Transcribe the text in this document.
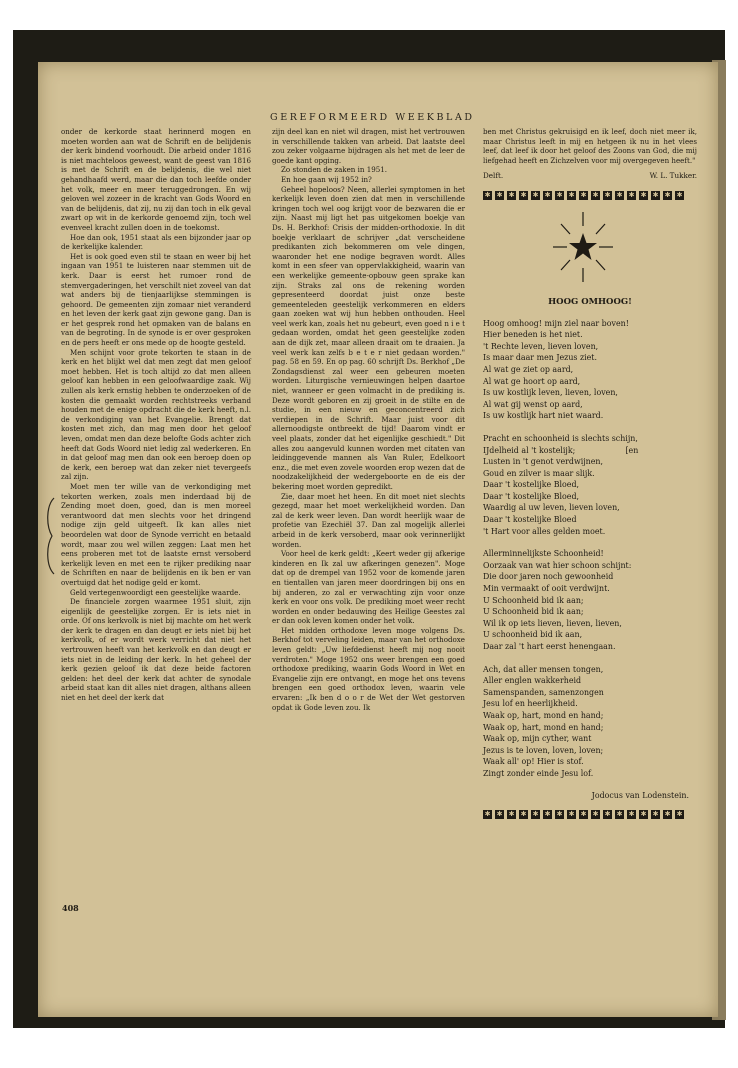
GEREFORMEERD WEEKBLAD

onder de kerkorde staat herinnerd mogen en moeten worden aan wat de Schrift en de belijdenis der kerk bindend voorhoudt. Die arbeid onder 1816 is niet machteloos geweest, want de geest van 1816 is met de Schrift en de belijdenis, die wel niet gehandhaafd werd, maar die dan toch leefde onder het volk, meer en meer teruggedrongen. En wij geloven wel zozeer in de kracht van Gods Woord en van de belijdenis, dat zij, nu zij dan toch in elk geval zwart op wit in de kerkorde genoemd zijn, toch wel evenveel kracht zullen doen in de toekomst.

Hoe dan ook, 1951 staat als een bijzonder jaar op de kerkelijke kalender.

Het is ook goed even stil te staan en weer bij het ingaan van 1951 te luisteren naar stemmen uit de kerk. Daar is eerst het rumoer rond de stemvergaderingen, het verschilt niet zoveel van dat wat anders bij de tienjaarlijkse stemmingen is gehoord. De gemeenten zijn zomaar niet veranderd en het leven der kerk gaat zijn gewone gang. Dan is er het gesprek rond het opmaken van de balans en van de begroting. In de synode is er over gesproken en de pers heeft er ons mede op de hoogte gesteld.

Men schijnt voor grote tekorten te staan in de kerk en het blijkt wel dat men zegt dat men geloof moet hebben. Het is toch altijd zo dat men alleen geloof kan hebben in een geloofwaardige zaak. Wij zullen als kerk ernstig hebben te onderzoeken of de kosten die gemaakt worden rechtstreeks verband houden met de enige opdracht die de kerk heeft, n.l. de verkondiging van het Evangelie. Brengt dat kosten met zich, dan mag men door het geloof leven, omdat men dan deze belofte Gods achter zich heeft dat Gods Woord niet ledig zal wederkeren. En in dat geloof mag men dan ook een beroep doen op de kerk, een beroep wat dan zeker niet tevergeefs zal zijn.

Moet men ter wille van de verkondiging met tekorten werken, zoals men inderdaad bij de Zending moet doen, goed, dan is men moreel verantwoord dat men slechts voor het dringend nodige zijn geld uitgeeft. Ik kan alles niet beoordelen wat door de Synode verricht en betaald wordt, maar zou wel willen zeggen: Laat men het eens proberen met tot de laatste ernst versoberd kerkelijk leven en met een te rijker prediking naar de Schriften en naar de belijdenis en ik ben er van overtuigd dat het nodige geld er komt.

Geld vertegenwoordigt een geestelijke waarde.

De financiele zorgen waarmee 1951 sluit, zijn eigenlijk de geestelijke zorgen. Er is iets niet in orde. Of ons kerkvolk is niet bij machte om het werk der kerk te dragen en dan deugt er iets niet bij het kerkvolk, of er wordt werk verricht dat niet het vertrouwen heeft van het kerkvolk en dan deugt er iets niet in de leiding der kerk. In het geheel der kerk gezien geloof ik dat deze beide factoren gelden: het deel der kerk dat achter de synodale arbeid staat kan dit alles niet dragen, althans alleen niet en het deel der kerk dat

zijn deel kan en niet wil dragen, mist het vertrouwen in verschillende takken van arbeid. Dat laatste deel zou zeker volgaarne bijdragen als het met de leer de goede kant opging.

Zo stonden de zaken in 1951.

En hoe gaan wij 1952 in?

Geheel hopeloos? Neen, allerlei symptomen in het kerkelijk leven doen zien dat men in verschillende kringen toch wel oog krijgt voor de bezwaren die er zijn. Naast mij ligt het pas uitgekomen boekje van Ds. H. Berkhof: Crisis der midden-orthodoxie. In dit boekje verklaart de schrijver „dat verscheidene predikanten zich bekommeren om vele dingen, waaronder het ene nodige begraven wordt. Alles komt in een sfeer van oppervlakkigheid, waarin van een werkelijke gemeente-opbouw geen sprake kan zijn. Straks zal ons de rekening worden gepresenteerd doordat juist onze beste gemeenteleden geestelijk verkommeren en elders gaan zoeken wat wij hun hebben onthouden. Heel veel werk kan, zoals het nu gebeurt, even goed n i e t gedaan worden, omdat het geen geestelijke zoden aan de dijk zet, maar alleen draait om te draaien. Ja veel werk kan zelfs b e t e r niet gedaan worden." pag. 58 en 59. En op pag. 60 schrijft Ds. Berkhof „De Zondagsdienst zal weer een gebeuren moeten worden. Liturgische vernieuwingen helpen daartoe niet, wanneer er geen volmacht in de prediking is. Deze wordt geboren en zij groeit in de stilte en de studie, in een nieuw en geconcentreerd zich verdiepen in de Schrift. Maar juist voor dit allernoodigste ontbreekt de tijd! Daarom vindt er veel plaats, zonder dat het eigenlijke geschiedt." Dit alles zou aangevuld kunnen worden met citaten van leidinggevende mannen als Van Ruler, Edelkoort enz., die met even zovele woorden erop wezen dat de noodzakelijkheid der wedergeboorte en de eis der bekering moet worden gepredikt.

Zie, daar moet het heen. En dit moet niet slechts gezegd, maar het moet werkelijkheid worden. Dan zal de kerk weer leven. Dan wordt heerlijk waar de profetie van Ezechiël 37. Dan zal mogelijk allerlei arbeid in de kerk versoberd, maar ook verinnerlijkt worden.

Voor heel de kerk geldt: „Keert weder gij afkerige kinderen en Ik zal uw afkeringen genezen". Moge dat op de drempel van 1952 voor de komende jaren en tientallen van jaren meer doordringen bij ons en bij anderen, zo zal er verwachting zijn voor onze kerk en voor ons volk. De prediking moet weer recht worden en onder bedauwing des Heilige Geestes zal er dan ook leven komen onder het volk.

Het midden orthodoxe leven moge volgens Ds. Berkhof tot verveling leiden, maar van het orthodoxe leven geldt: „Uw liefdedienst heeft mij nog nooit verdroten." Moge 1952 ons weer brengen een goed orthodoxe prediking, waarin Gods Woord in Wet en Evangelie zijn ere ontvangt, en moge het ons tevens brengen een goed orthodox leven, waarin vele ervaren: „Ik ben d o o r de Wet der Wet gestorven opdat ik Gode leven zou. Ik

ben met Christus gekruisigd en ik leef, doch niet meer ik, maar Christus leeft in mij en hetgeen ik nu in het vlees leef, dat leef ik door het geloof des Zoons van God, die mij liefgehad heeft en Zichzelven voor mij overgegeven heeft."

Delft.	W. L. Tukker.
✱ ✱ ✱ ✱ ✱ ✱ ✱ ✱ ✱ ✱ ✱ ✱ ✱ ✱ ✱ ✱ ✱
HOOG OMHOOG!
Hoog omhoog! mijn ziel naar boven!
Hier beneden is het niet.
't Rechte leven, lieven loven,
Is maar daar men Jezus ziet.
Al wat ge ziet op aard,
Al wat ge hoort op aard,
Is uw kostlijk leven, lieven, loven,
Al wat gij wenst op aard,
Is uw kostlijk hart niet waard.
Pracht en schoonheid is slechts schijn,
IJdelheid al 't kostelijk;                    [en
Lusten in 't genot verdwijnen,
Goud en zilver is maar slijk.
Daar 't kostelijke Bloed,
Daar 't kostelijke Bloed,
Waardig al uw leven, lieven loven,
Daar 't kostelijke Bloed
't Hart voor alles gelden moet.
Allerminnelijkste Schoonheid!
Oorzaak van wat hier schoon schijnt:
Die door jaren noch gewoonheid
Min vermaakt of ooit verdwijnt.
U Schoonheid bid ik aan;
U Schoonheid bid ik aan;
Wil ik op iets lieven, lieven, lieven,
U schoonheid bid ik aan,
Daar zal 't hart eerst henengaan.
Ach, dat aller mensen tongen,
Aller englen wakkerheid
Samenspanden, samenzongen
Jesu lof en heerlijkheid.
Waak op, hart, mond en hand;
Waak op, hart, mond en hand;
Waak op, mijn cyther, want
Jezus is te loven, loven, loven;
Waak all' op! Hier is stof.
Zingt zonder einde Jesu lof.
Jodocus van Lodenstein.
✱ ✱ ✱ ✱ ✱ ✱ ✱ ✱ ✱ ✱ ✱ ✱ ✱ ✱ ✱ ✱ ✱
408
